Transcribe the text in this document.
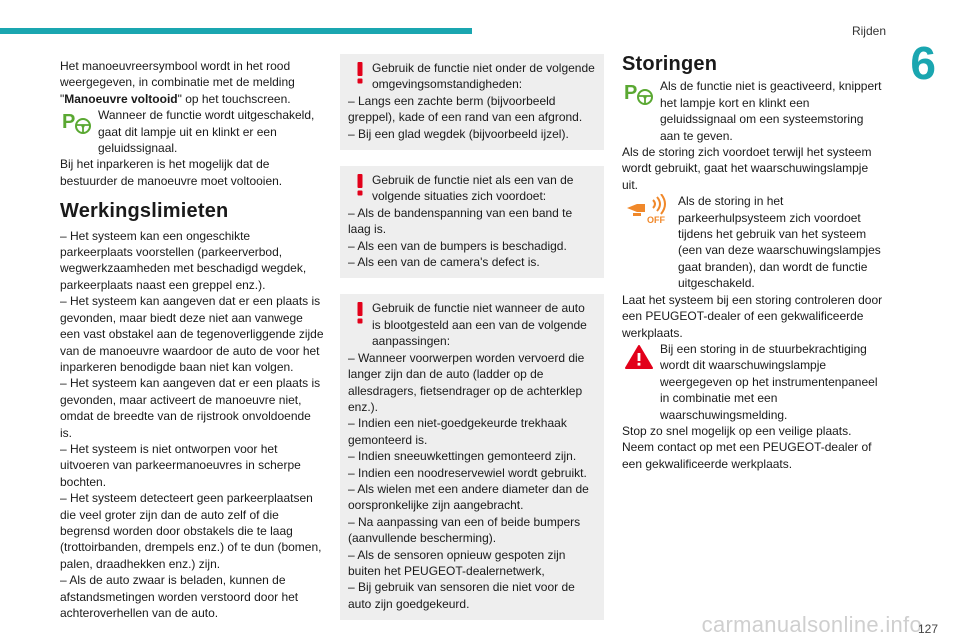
Rijden
6

Het manoeuvreersymbool wordt in het rood weergegeven, in combinatie met de melding "Manoeuvre voltooid" op het touchscreen.

P Wanneer de functie wordt uitgeschakeld, gaat dit lampje uit en klinkt er een geluidssignaal.

Bij het inparkeren is het mogelijk dat de bestuurder de manoeuvre moet voltooien.

Werkingslimieten

– Het systeem kan een ongeschikte parkeerplaats voorstellen (parkeerverbod, wegwerkzaamheden met beschadigd wegdek, parkeerplaats naast een greppel enz.).

– Het systeem kan aangeven dat er een plaats is gevonden, maar biedt deze niet aan vanwege een vast obstakel aan de tegenoverliggende zijde van de manoeuvre waardoor de auto de voor het inparkeren benodigde baan niet kan volgen.

– Het systeem kan aangeven dat er een plaats is gevonden, maar activeert de manoeuvre niet, omdat de breedte van de rijstrook onvoldoende is.

– Het systeem is niet ontworpen voor het uitvoeren van parkeermanoeuvres in scherpe bochten.

– Het systeem detecteert geen parkeerplaatsen die veel groter zijn dan de auto zelf of die begrensd worden door obstakels die te laag (trottoirbanden, drempels enz.) of te dun (bomen, palen, draadhekken enz.) zijn.

– Als de auto zwaar is beladen, kunnen de afstandsmetingen worden verstoord door het achteroverhellen van de auto.

Gebruik de functie niet onder de volgende omgevingsomstandigheden:

– Langs een zachte berm (bijvoorbeeld greppel), kade of een rand van een afgrond.

– Bij een glad wegdek (bijvoorbeeld ijzel).

Gebruik de functie niet als een van de volgende situaties zich voordoet:

– Als de bandenspanning van een band te laag is.

– Als een van de bumpers is beschadigd.

– Als een van de camera's defect is.

Gebruik de functie niet wanneer de auto is blootgesteld aan een van de volgende aanpassingen:

– Wanneer voorwerpen worden vervoerd die langer zijn dan de auto (ladder op de allesdragers, fietsendrager op de achterklep enz.).

– Indien een niet-goedgekeurde trekhaak gemonteerd is.

– Indien sneeuwkettingen gemonteerd zijn.

– Indien een noodreservewiel wordt gebruikt.

– Als wielen met een andere diameter dan de oorspronkelijke zijn aangebracht.

– Na aanpassing van een of beide bumpers (aanvullende bescherming).

– Als de sensoren opnieuw gespoten zijn buiten het PEUGEOT-dealernetwerk,

– Bij gebruik van sensoren die niet voor de auto zijn goedgekeurd.

Storingen
P Als de functie niet is geactiveerd, knippert het lampje kort en klinkt een geluidssignaal om een systeemstoring aan te geven.

Als de storing zich voordoet terwijl het systeem wordt gebruikt, gaat het waarschuwingslampje uit.

OFF

Als de storing in het parkeerhulpsysteem zich voordoet tijdens het gebruik van het systeem (een van deze waarschuwingslampjes gaat branden), dan wordt de functie uitgeschakeld.

Laat het systeem bij een storing controleren door een PEUGEOT-dealer of een gekwalificeerde werkplaats.

Bij een storing in de stuurbekrachtiging wordt dit waarschuwingslampje weergegeven op het instrumentenpaneel in combinatie met een waarschuwingsmelding.

Stop zo snel mogelijk op een veilige plaats. Neem contact op met een PEUGEOT-dealer of een gekwalificeerde werkplaats.

carmanualsonline.info
127
